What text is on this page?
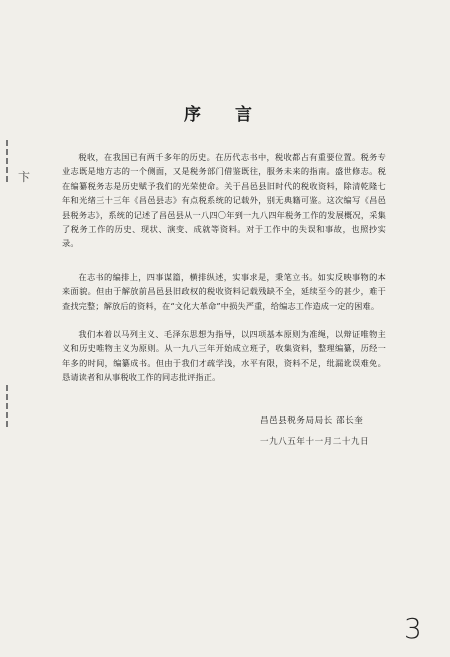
卞
序 言

税收，在我国已有两千多年的历史。在历代志书中，税收都占有重要位置。税务专业志既是地方志的一个侧面，又是税务部门借鉴既往，服务未来的指南。盛世修志。税在编纂税务志是历史赋予我们的光荣使命。关于昌邑县旧时代的税收资料，除清乾隆七年和光绪三十三年《昌邑县志》有点税系统的记载外，别无典籍可鉴。这次编写《昌邑县税务志》，系统的记述了昌邑县从一八四〇年到一九八四年税务工作的发展概况，采集了税务工作的历史、现状、演变、成就等资料。对于工作中的失误和事故，也照抄实录。

在志书的编排上，四事谋篇，横排纵述，实事求是，秉笔立书。如实反映事物的本来面貌。但由于解放前昌邑县旧政权的税收资料记载残缺不全，延续至今的甚少，难于查找完整；解放后的资料，在“文化大革命”中损失严重，给编志工作造成一定的困难。

我们本着以马列主义、毛泽东思想为指导，以四项基本原则为准绳，以辩证唯物主义和历史唯物主义为原则。从一九八三年开始成立班子，收集资料，整理编纂，历经一年多的时间，编纂成书。但由于我们才疏学浅，水平有限，资料不足，纰漏讹误难免。恳请读者和从事税收工作的同志批评指正。

昌邑县税务局局长 邵长奎
一九八五年十一月二十九日
3
